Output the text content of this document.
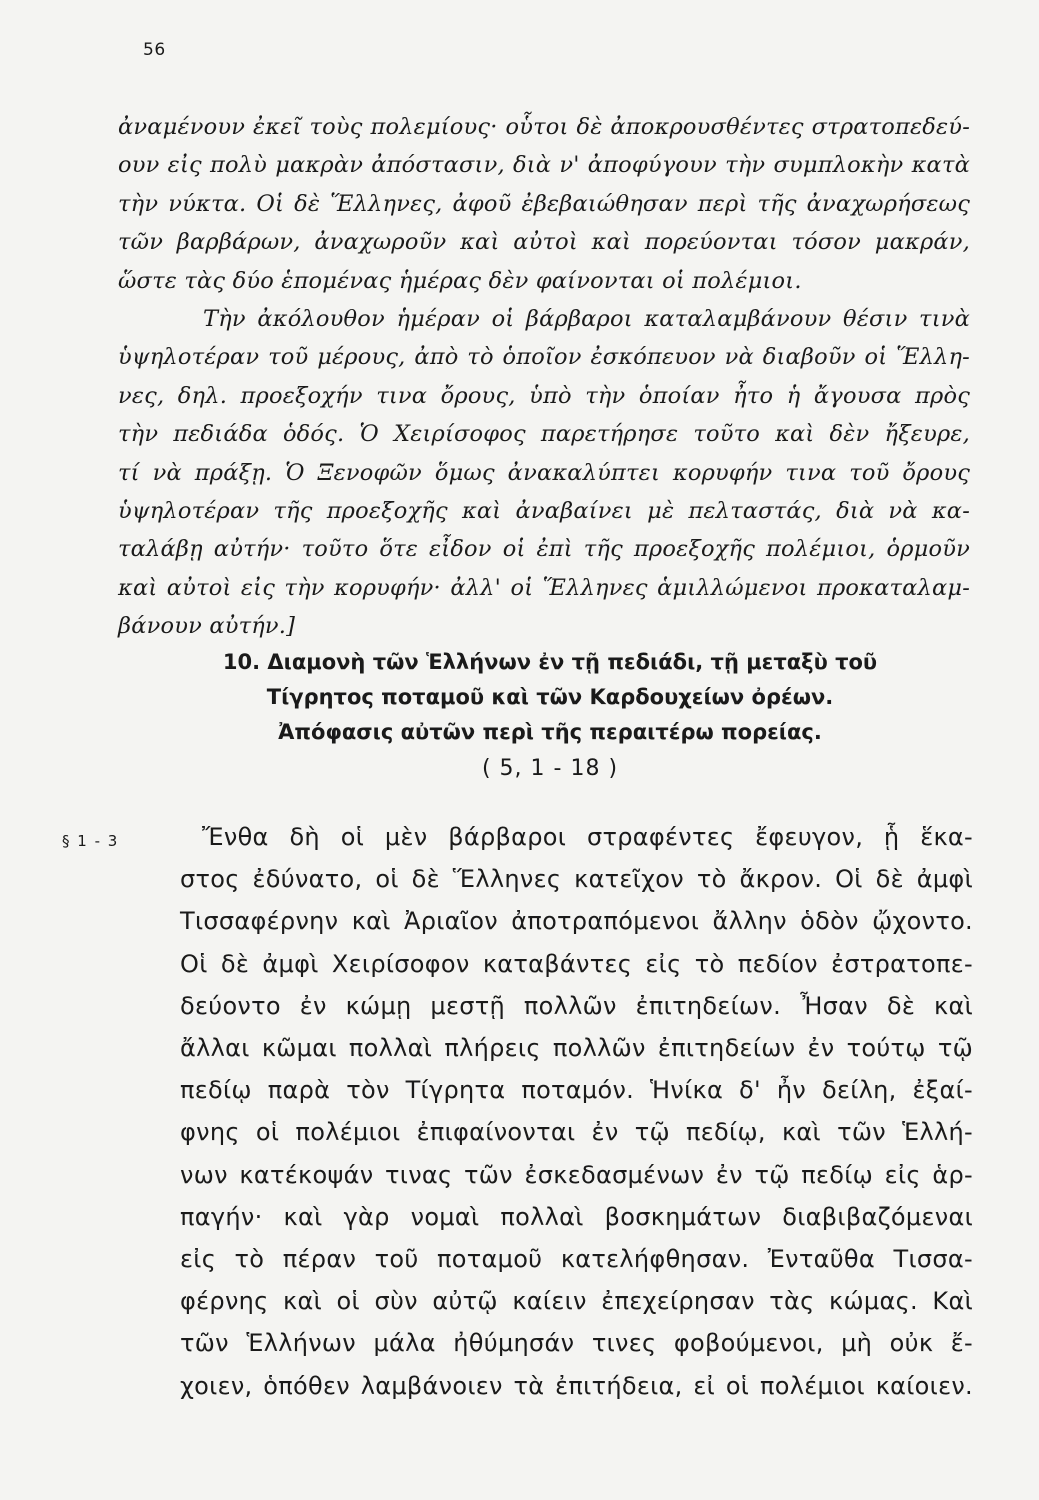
56
ἀναμένουν ἐκεῖ τοὺς πολεμίους· οὗτοι δὲ ἀποκρουσθέντες στρατοπεδεύ-
ουν εἰς πολὺ μακρὰν ἀπόστασιν, διὰ ν' ἀποφύγουν τὴν συμπλοκὴν κατὰ
τὴν νύκτα. Οἱ δὲ Ἕλληνες, ἀφοῦ ἐβεβαιώθησαν περὶ τῆς ἀναχωρήσεως
τῶν βαρβάρων, ἀναχωροῦν καὶ αὐτοὶ καὶ πορεύονται τόσον μακράν,
ὥστε τὰς δύο ἑπομένας ἡμέρας δὲν φαίνονται οἱ πολέμιοι.
Τὴν ἀκόλουθον ἡμέραν οἱ βάρβαροι καταλαμβάνουν θέσιν τινὰ
ὑψηλοτέραν τοῦ μέρους, ἀπὸ τὸ ὁποῖον ἐσκόπευον νὰ διαβοῦν οἱ Ἕλλη-
νες, δηλ. προεξοχήν τινα ὄρους, ὑπὸ τὴν ὁποίαν ἦτο ἡ ἄγουσα πρὸς
τὴν πεδιάδα ὁδός. Ὁ Χειρίσοφος παρετήρησε τοῦτο καὶ δὲν ἤξευρε,
τί νὰ πράξῃ. Ὁ Ξενοφῶν ὅμως ἀνακαλύπτει κορυφήν τινα τοῦ ὄρους
ὑψηλοτέραν τῆς προεξοχῆς καὶ ἀναβαίνει μὲ πελταστάς, διὰ νὰ κα-
ταλάβῃ αὐτήν· τοῦτο ὅτε εἶδον οἱ ἐπὶ τῆς προεξοχῆς πολέμιοι, ὁρμοῦν
καὶ αὐτοὶ εἰς τὴν κορυφήν· ἀλλ' οἱ Ἕλληνες ἁμιλλώμενοι προκαταλαμ-
βάνουν αὐτήν.]
10. Διαμονὴ τῶν Ἑλλήνων ἐν τῇ πεδιάδι, τῇ μεταξὺ τοῦ
Τίγρητος ποταμοῦ καὶ τῶν Καρδουχείων ὀρέων.
Ἀπόφασις αὐτῶν περὶ τῆς περαιτέρω πορείας.
( 5, 1 - 18 )
§ 1 - 3	Ἔνθα δὴ οἱ μὲν βάρβαροι στραφέντες ἔφευγον, ᾗ ἕκα-
στος ἐδύνατο, οἱ δὲ Ἕλληνες κατεῖχον τὸ ἄκρον. Οἱ δὲ ἀμφὶ
Τισσαφέρνην καὶ Ἀριαῖον ἀποτραπόμενοι ἄλλην ὁδὸν ᾤχοντο.
Οἱ δὲ ἀμφὶ Χειρίσοφον καταβάντες εἰς τὸ πεδίον ἐστρατοπε-
δεύοντο ἐν κώμῃ μεστῇ πολλῶν ἐπιτηδείων. Ἦσαν δὲ καὶ
ἄλλαι κῶμαι πολλαὶ πλήρεις πολλῶν ἐπιτηδείων ἐν τούτῳ τῷ
πεδίῳ παρὰ τὸν Τίγρητα ποταμόν. Ἡνίκα δ' ἦν δείλη, ἐξαί-
φνης οἱ πολέμιοι ἐπιφαίνονται ἐν τῷ πεδίῳ, καὶ τῶν Ἑλλή-
νων κατέκοψάν τινας τῶν ἐσκεδασμένων ἐν τῷ πεδίῳ εἰς ἁρ-
παγήν· καὶ γὰρ νομαὶ πολλαὶ βοσκημάτων διαβιβαζόμεναι
εἰς τὸ πέραν τοῦ ποταμοῦ κατελήφθησαν. Ἐνταῦθα Τισσα-
φέρνης καὶ οἱ σὺν αὐτῷ καίειν ἐπεχείρησαν τὰς κώμας. Καὶ
τῶν Ἑλλήνων μάλα ἠθύμησάν τινες φοβούμενοι, μὴ οὐκ ἔ-
χοιεν, ὁπόθεν λαμβάνοιεν τὰ ἐπιτήδεια, εἰ οἱ πολέμιοι καίοιεν.
